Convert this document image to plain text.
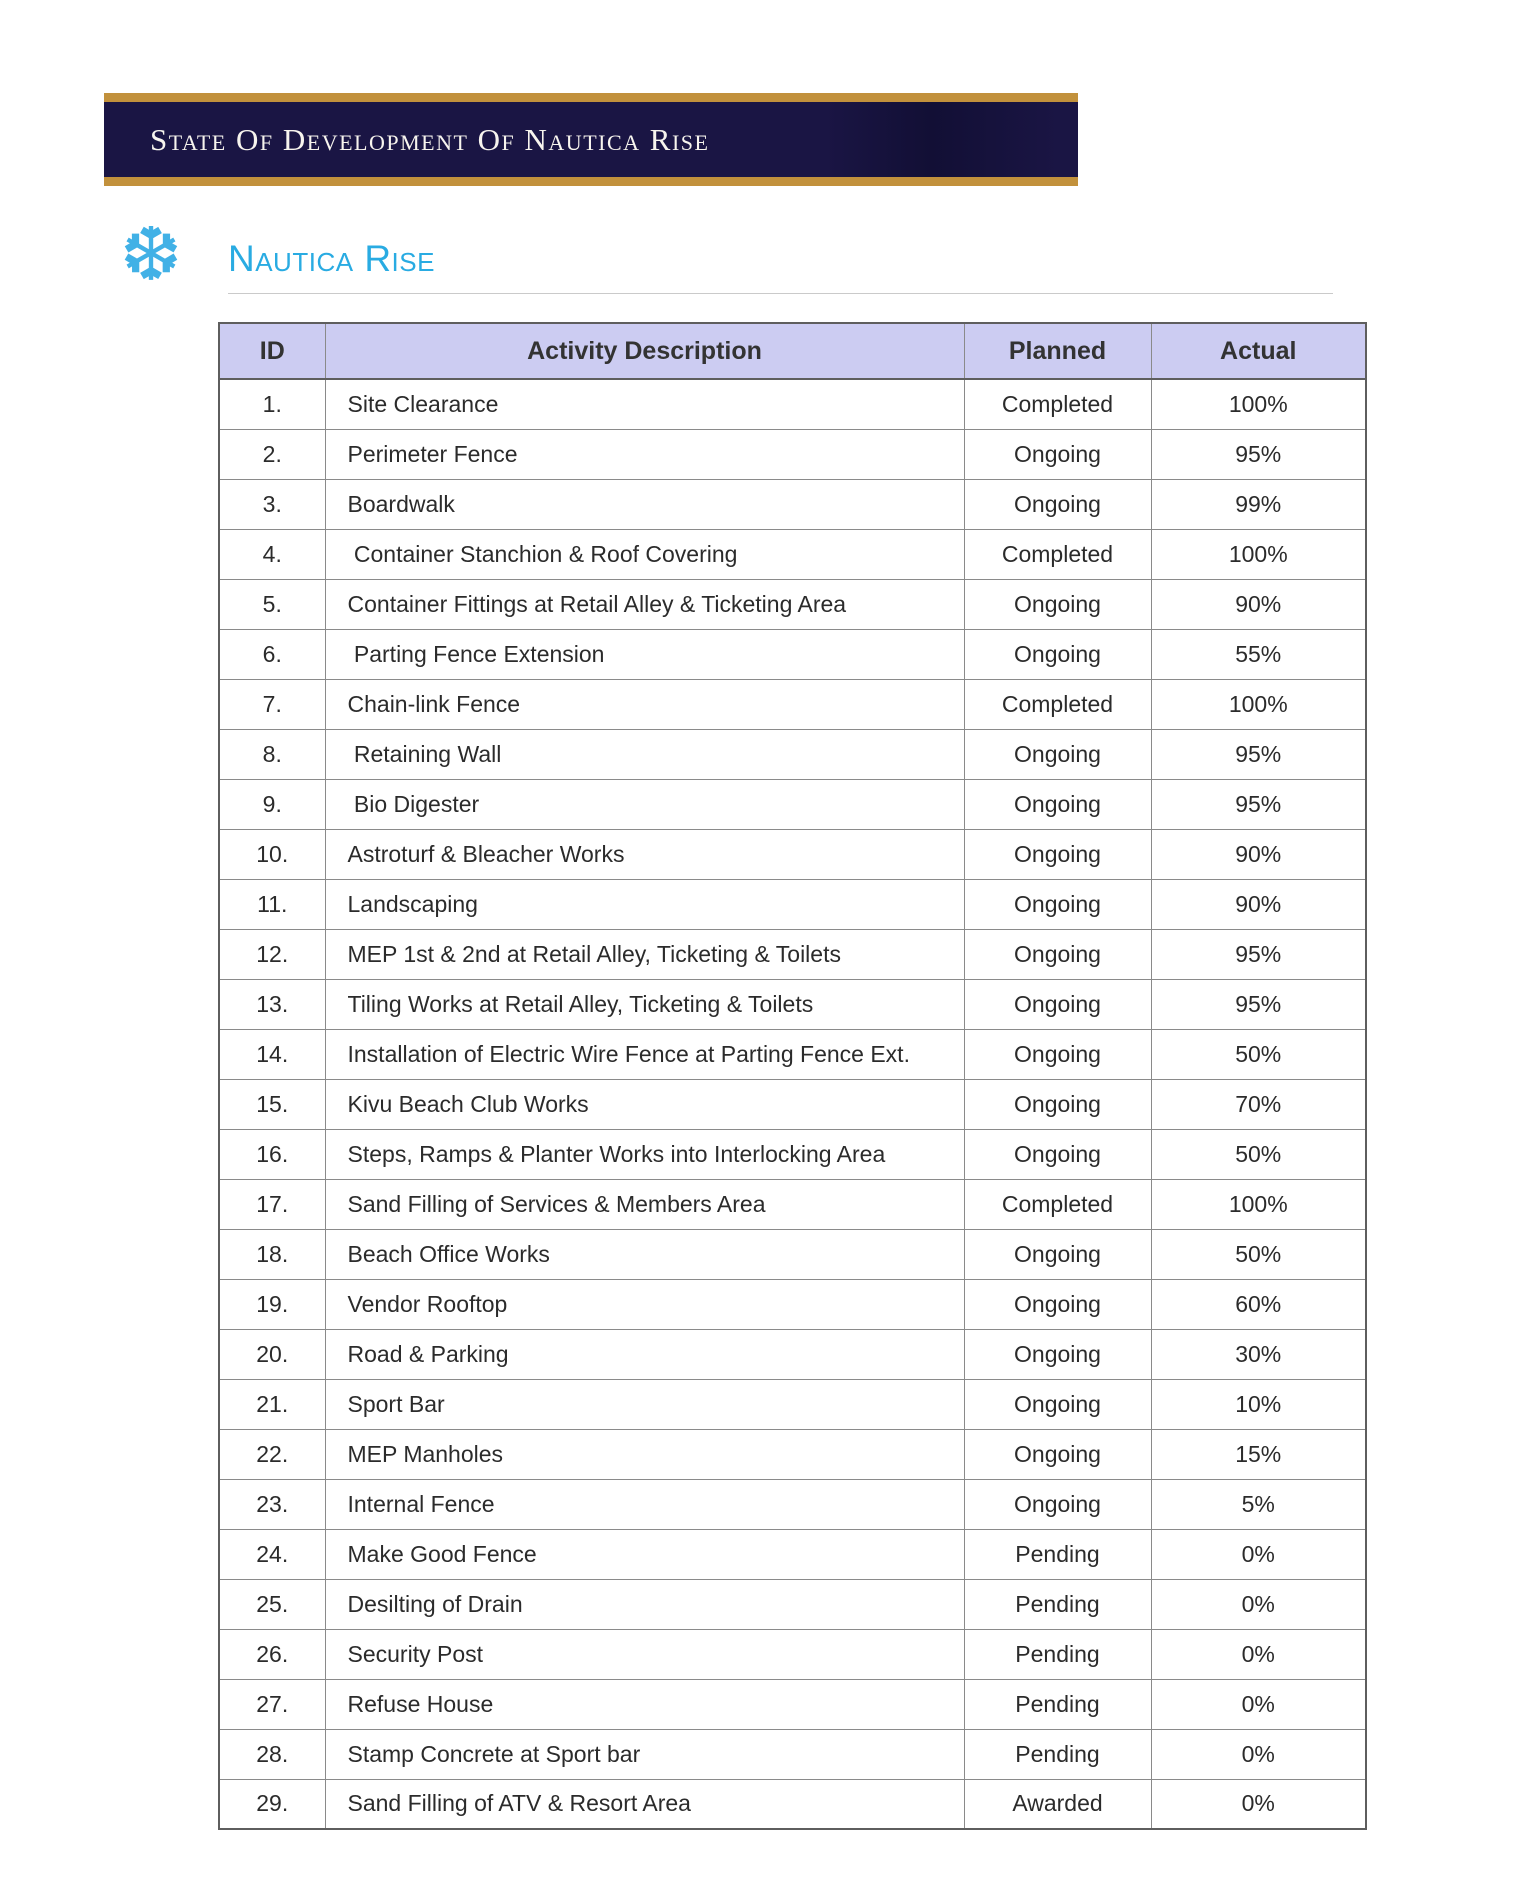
State Of Development Of Nautica Rise
❆ Nautica Rise
ID	Activity Description	Planned	Actual
1.	Site Clearance	Completed	100%
2.	Perimeter Fence	Ongoing	95%
3.	Boardwalk	Ongoing	99%
4.	Container Stanchion & Roof Covering	Completed	100%
5.	Container Fittings at Retail Alley & Ticketing Area	Ongoing	90%
6.	Parting Fence Extension	Ongoing	55%
7.	Chain-link Fence	Completed	100%
8.	Retaining Wall	Ongoing	95%
9.	Bio Digester	Ongoing	95%
10.	Astroturf & Bleacher Works	Ongoing	90%
11.	Landscaping	Ongoing	90%
12.	MEP 1st & 2nd at Retail Alley, Ticketing & Toilets	Ongoing	95%
13.	Tiling Works at Retail Alley, Ticketing & Toilets	Ongoing	95%
14.	Installation of Electric Wire Fence at Parting Fence Ext.	Ongoing	50%
15.	Kivu Beach Club Works	Ongoing	70%
16.	Steps, Ramps & Planter Works into Interlocking Area	Ongoing	50%
17.	Sand Filling of Services & Members Area	Completed	100%
18.	Beach Office Works	Ongoing	50%
19.	Vendor Rooftop	Ongoing	60%
20.	Road & Parking	Ongoing	30%
21.	Sport Bar	Ongoing	10%
22.	MEP Manholes	Ongoing	15%
23.	Internal Fence	Ongoing	5%
24.	Make Good Fence	Pending	0%
25.	Desilting of Drain	Pending	0%
26.	Security Post	Pending	0%
27.	Refuse House	Pending	0%
28.	Stamp Concrete at Sport bar	Pending	0%
29.	Sand Filling of ATV & Resort Area	Awarded	0%
